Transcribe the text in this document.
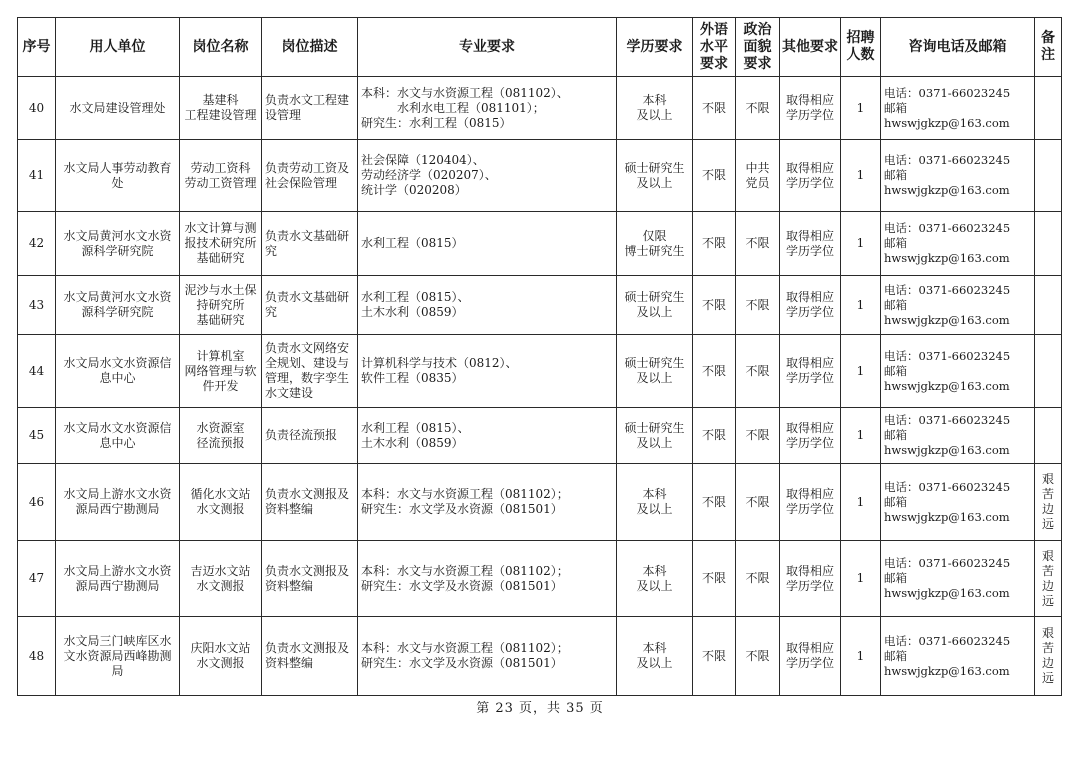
序号	用人单位	岗位名称	岗位描述	专业要求	学历要求	外语水平要求	政治面貌要求	其他要求	招聘人数	咨询电话及邮箱	备注

40	水文局建设管理处	基建科
工程建设管理	负责水文工程建
设管理	本科：水文与水资源工程（081102）、
水利水电工程（081101）；
研究生：水利工程（0815）	本科
及以上	不限	不限	取得相应
学历学位	1	电话：0371-66023245
邮箱 hwswjgkzp@163.com	

41	水文局人事劳动教育
处	劳动工资科
劳动工资管理	负责劳动工资及
社会保险管理	社会保障（120404）、
劳动经济学（020207）、
统计学（020208）	硕士研究生
及以上	不限	中共
党员	取得相应
学历学位	1	电话：0371-66023245
邮箱 hwswjgkzp@163.com	

42	水文局黄河水文水资
源科学研究院	水文计算与测
报技术研究所
基础研究	负责水文基础研
究	水利工程（0815）	仅限
博士研究生	不限	不限	取得相应
学历学位	1	电话：0371-66023245
邮箱 hwswjgkzp@163.com	

43	水文局黄河水文水资
源科学研究院	泥沙与水土保
持研究所
基础研究	负责水文基础研
究	水利工程（0815）、
土木水利（0859）	硕士研究生
及以上	不限	不限	取得相应
学历学位	1	电话：0371-66023245
邮箱 hwswjgkzp@163.com	

44	水文局水文水资源信
息中心	计算机室
网络管理与软
件开发	负责水文网络安
全规划、建设与
管理，数字孪生
水文建设	计算机科学与技术（0812）、
软件工程（0835）	硕士研究生
及以上	不限	不限	取得相应
学历学位	1	电话：0371-66023245
邮箱 hwswjgkzp@163.com	

45	水文局水文水资源信
息中心	水资源室
径流预报	负责径流预报	水利工程（0815）、
土木水利（0859）	硕士研究生
及以上	不限	不限	取得相应
学历学位	1	电话：0371-66023245
邮箱 hwswjgkzp@163.com	

46	水文局上游水文水资
源局西宁勘测局	循化水文站
水文测报	负责水文测报及
资料整编	本科：水文与水资源工程（081102）；
研究生：水文学及水资源（081501）	本科
及以上	不限	不限	取得相应
学历学位	1	电话：0371-66023245
邮箱 hwswjgkzp@163.com	艰
苦
边
远

47	水文局上游水文水资
源局西宁勘测局	吉迈水文站
水文测报	负责水文测报及
资料整编	本科：水文与水资源工程（081102）；
研究生：水文学及水资源（081501）	本科
及以上	不限	不限	取得相应
学历学位	1	电话：0371-66023245
邮箱 hwswjgkzp@163.com	艰
苦
边
远

48	水文局三门峡库区水
文水资源局西峰勘测
局	庆阳水文站
水文测报	负责水文测报及
资料整编	本科：水文与水资源工程（081102）；
研究生：水文学及水资源（081501）	本科
及以上	不限	不限	取得相应
学历学位	1	电话：0371-66023245
邮箱 hwswjgkzp@163.com	艰
苦
边
远
第 23 页，共 35 页
